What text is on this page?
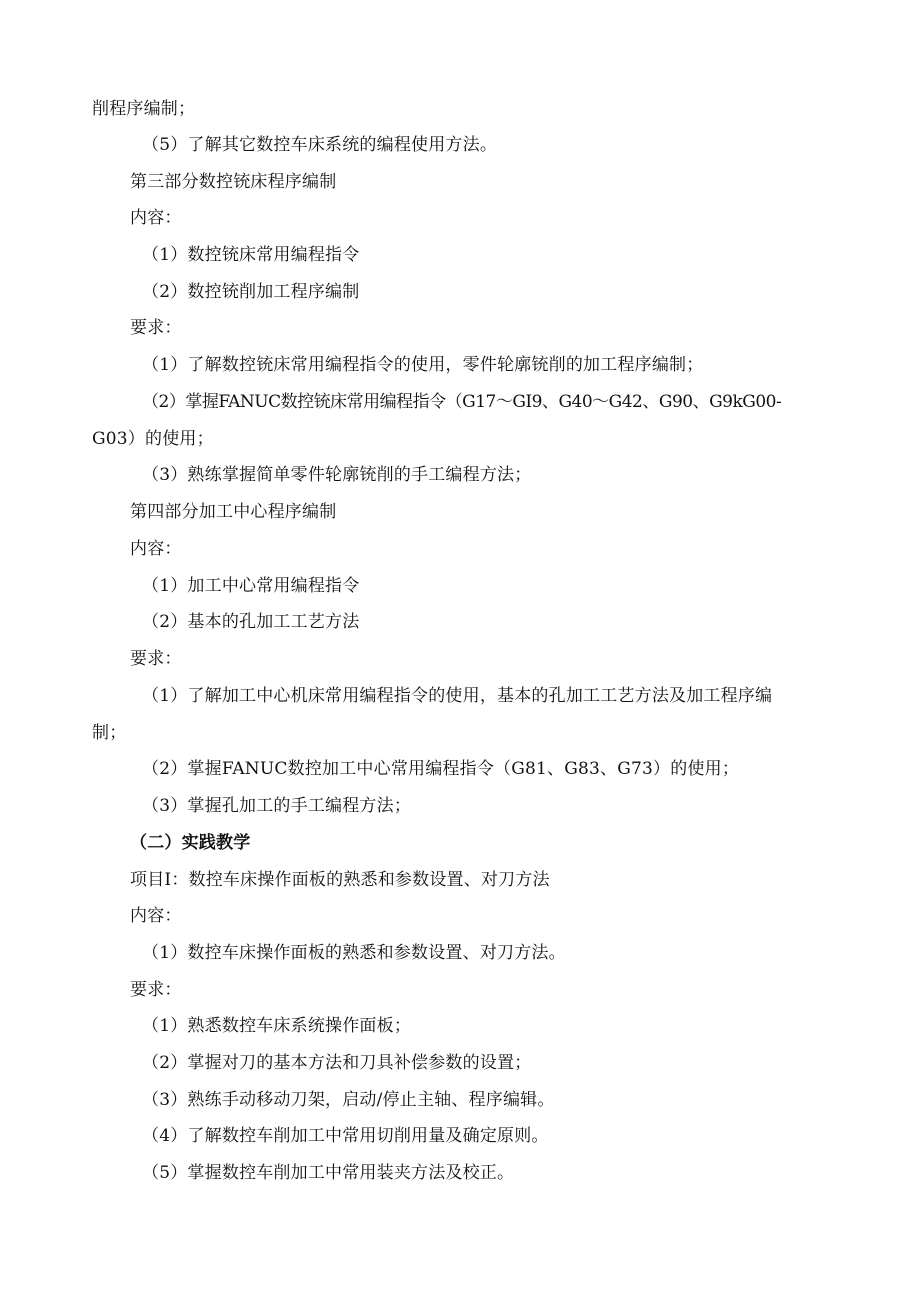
削程序编制；
（5）了解其它数控车床系统的编程使用方法。
第三部分数控铳床程序编制
内容：
（1）数控铳床常用编程指令
（2）数控铳削加工程序编制
要求：
（1）了解数控铳床常用编程指令的使用，零件轮廓铳削的加工程序编制；
（2）掌握FANUC数控铳床常用编程指令（G17～GI9、G40～G42、G90、G9kG00-
G03）的使用；
（3）熟练掌握简单零件轮廓铳削的手工编程方法；
第四部分加工中心程序编制
内容：
（1）加工中心常用编程指令
（2）基本的孔加工工艺方法
要求：
（1）了解加工中心机床常用编程指令的使用，基本的孔加工工艺方法及加工程序编
制；
（2）掌握FANUC数控加工中心常用编程指令（G81、G83、G73）的使用；
（3）掌握孔加工的手工编程方法；
（二）实践教学
项目I：数控车床操作面板的熟悉和参数设置、对刀方法
内容：
（1）数控车床操作面板的熟悉和参数设置、对刀方法。
要求：
（1）熟悉数控车床系统操作面板；
（2）掌握对刀的基本方法和刀具补偿参数的设置；
（3）熟练手动移动刀架，启动/停止主轴、程序编辑。
（4）了解数控车削加工中常用切削用量及确定原则。
（5）掌握数控车削加工中常用装夹方法及校正。
